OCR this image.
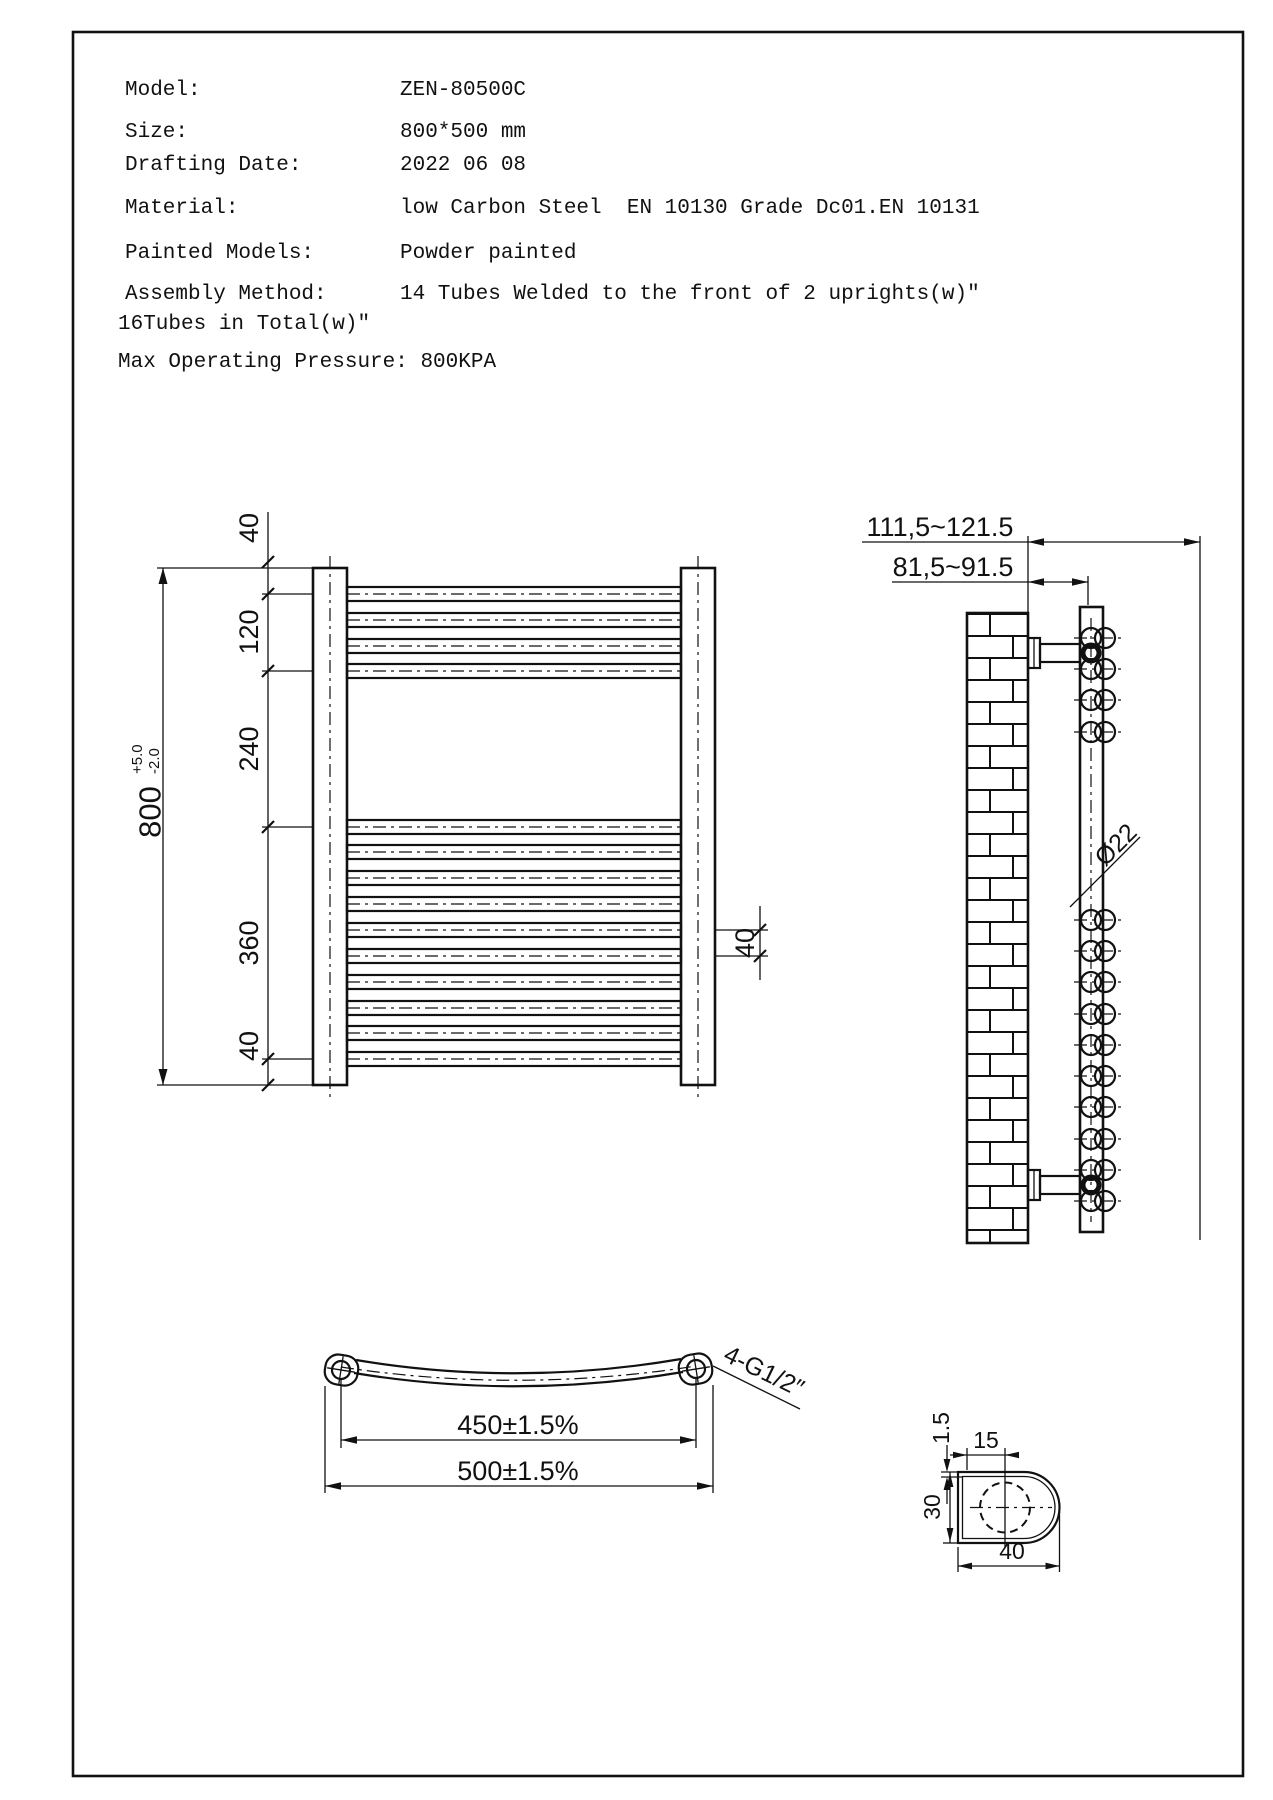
Model:	ZEN-80500C
Size:	800*500 mm
Drafting Date:	2022 06 08
Material:	low Carbon Steel  EN 10130 Grade Dc01.EN 10131
Painted Models:	Powder painted
Assembly Method:	14 Tubes Welded to the front of 2 uprights(w)″
16Tubes in Total(w)″
Max Operating Pressure: 800KPA
800
+5.0 -2.0
40
120
240
360
40
40
111,5~121.5
81,5~91.5
Ø22
450±1.5%
500±1.5%
4-G1/2″
15
1.5
30
40
